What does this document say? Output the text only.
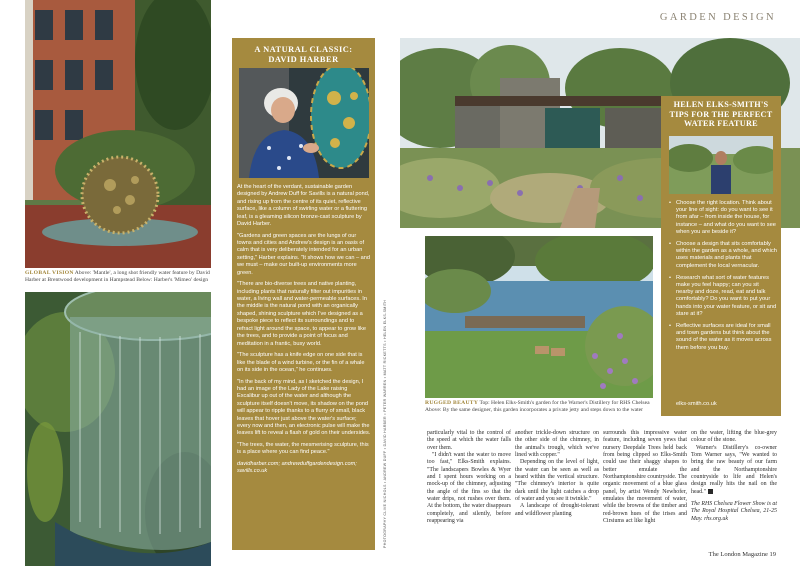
GLOBAL VISION Above: 'Mantle', a long shot friendly water feature by David Harber at Brentwood development in Hampstead Below: Harber's 'Mimeo' design
A NATURAL CLASSIC:
DAVID HARBER

At the heart of the verdant, sustainable garden designed by Andrew Duff for Savills is a natural pond, and rising up from the centre of its quiet, reflective surface, like a column of swirling water or a fluttering leaf, is a gleaming silicon bronze-cast sculpture by David Harber.

"Gardens and green spaces are the lungs of our towns and cities and Andrew's design is an oasis of calm that is very deliberately intended for an urban setting," Harber explains. "It shows how we can – and we must – make our built-up environments more green.

"There are bio-diverse trees and native planting, including plants that naturally filter out impurities in water, a living wall and water-permeable surfaces. In the middle is the natural pond with an organically shaped, shining sculpture which I've designed as a bespoke piece to reflect its surroundings and to refract light around the space, to appear to grow like the trees, and to provide a point of focus and meditation in a frantic, busy world.

"The sculpture has a knife edge on one side that is like the blade of a wind turbine, or the fin of a whale on its side in the ocean," he continues.

"In the back of my mind, as I sketched the design, I had an image of the Lady of the Lake raising Excalibur up out of the water and although the sculpture itself doesn't move, its shadow on the pond will appear to ripple thanks to a flurry of small, black leaves that hover just above the water's surface; every now and then, an electronic pulse will make the leaves lift to reveal a flash of gold on their undersides.

"The trees, the water, the mesmerising sculpture, this is a place where you can find peace."

davidharber.com; andrewduffgardendesign.com; savills.co.uk	PHOTOGRAPHY CLIVE NICHOLS • ANDREW DUFF • DAVID HARBER • PETER WARREN • MATT RICKETTS • HELEN ELKS-SMITH
GARDEN DESIGN
HELEN ELKS-SMITH'S
TIPS FOR THE PERFECT
WATER FEATURE
• Choose the right location. Think about your line of sight: do you want to see it from afar – from inside the house, for instance – and what do you want to see when you are beside it?
• Choose a design that sits comfortably within the garden as a whole, and which uses materials and plants that complement the local vernacular.
• Research what sort of water features make you feel happy; can you sit nearby and doze, read, eat and talk comfortably? Do you want to put your hands into your water feature, or sit and stare at it?
• Reflective surfaces are ideal for small and town gardens but think about the sound of the water as it moves across them before you buy.
elks-smith.co.uk
RUGGED BEAUTY Top: Helen Elks-Smith's garden for the Warner's Distillery for RHS Chelsea Above: By the same designer, this garden incorporates a private jetty and steps down to the water

particularly vital to the control of the speed at which the water falls over them.

"I didn't want the water to move too fast," Elks-Smith explains. "The landscapers Bowles & Wyer and I spent hours working on a mock-up of the chimney, adjusting the angle of the fins so that the water drips, not rushes over them. At the bottom, the water disappears completely, and silently, before reappearing via

another trickle-down structure on the other side of the chimney, in the animal's trough, which we've lined with copper."

Depending on the level of light, the water can be seen as well as heard within the vertical structure. "The chimney's interior is quite dark until the light catches a drop of water and you see it twinkle."

A landscape of drought-tolerant and wildflower planting

surrounds this impressive water feature, including seven yews that nursery Deepdale Trees held back from being clipped so Elks-Smith could use their shaggy shapes to better emulate the Northamptonshire countryside. The organic movement of a blue glass panel, by artist Wendy Newhofer, emulates the movement of water, while the browns of the timber and red-brown hues of the irises and Cirsiums act like light

on the water, lifting the blue-grey colour of the stone.

Warner's Distillery's co-owner Tom Warner says, "We wanted to bring the raw beauty of our farm and the Northamptonshire countryside to life and Helen's design really hits the nail on the head."

The RHS Chelsea Flower Show is at The Royal Hospital Chelsea, 21-25 May. rhs.org.uk

The London Magazine 19
